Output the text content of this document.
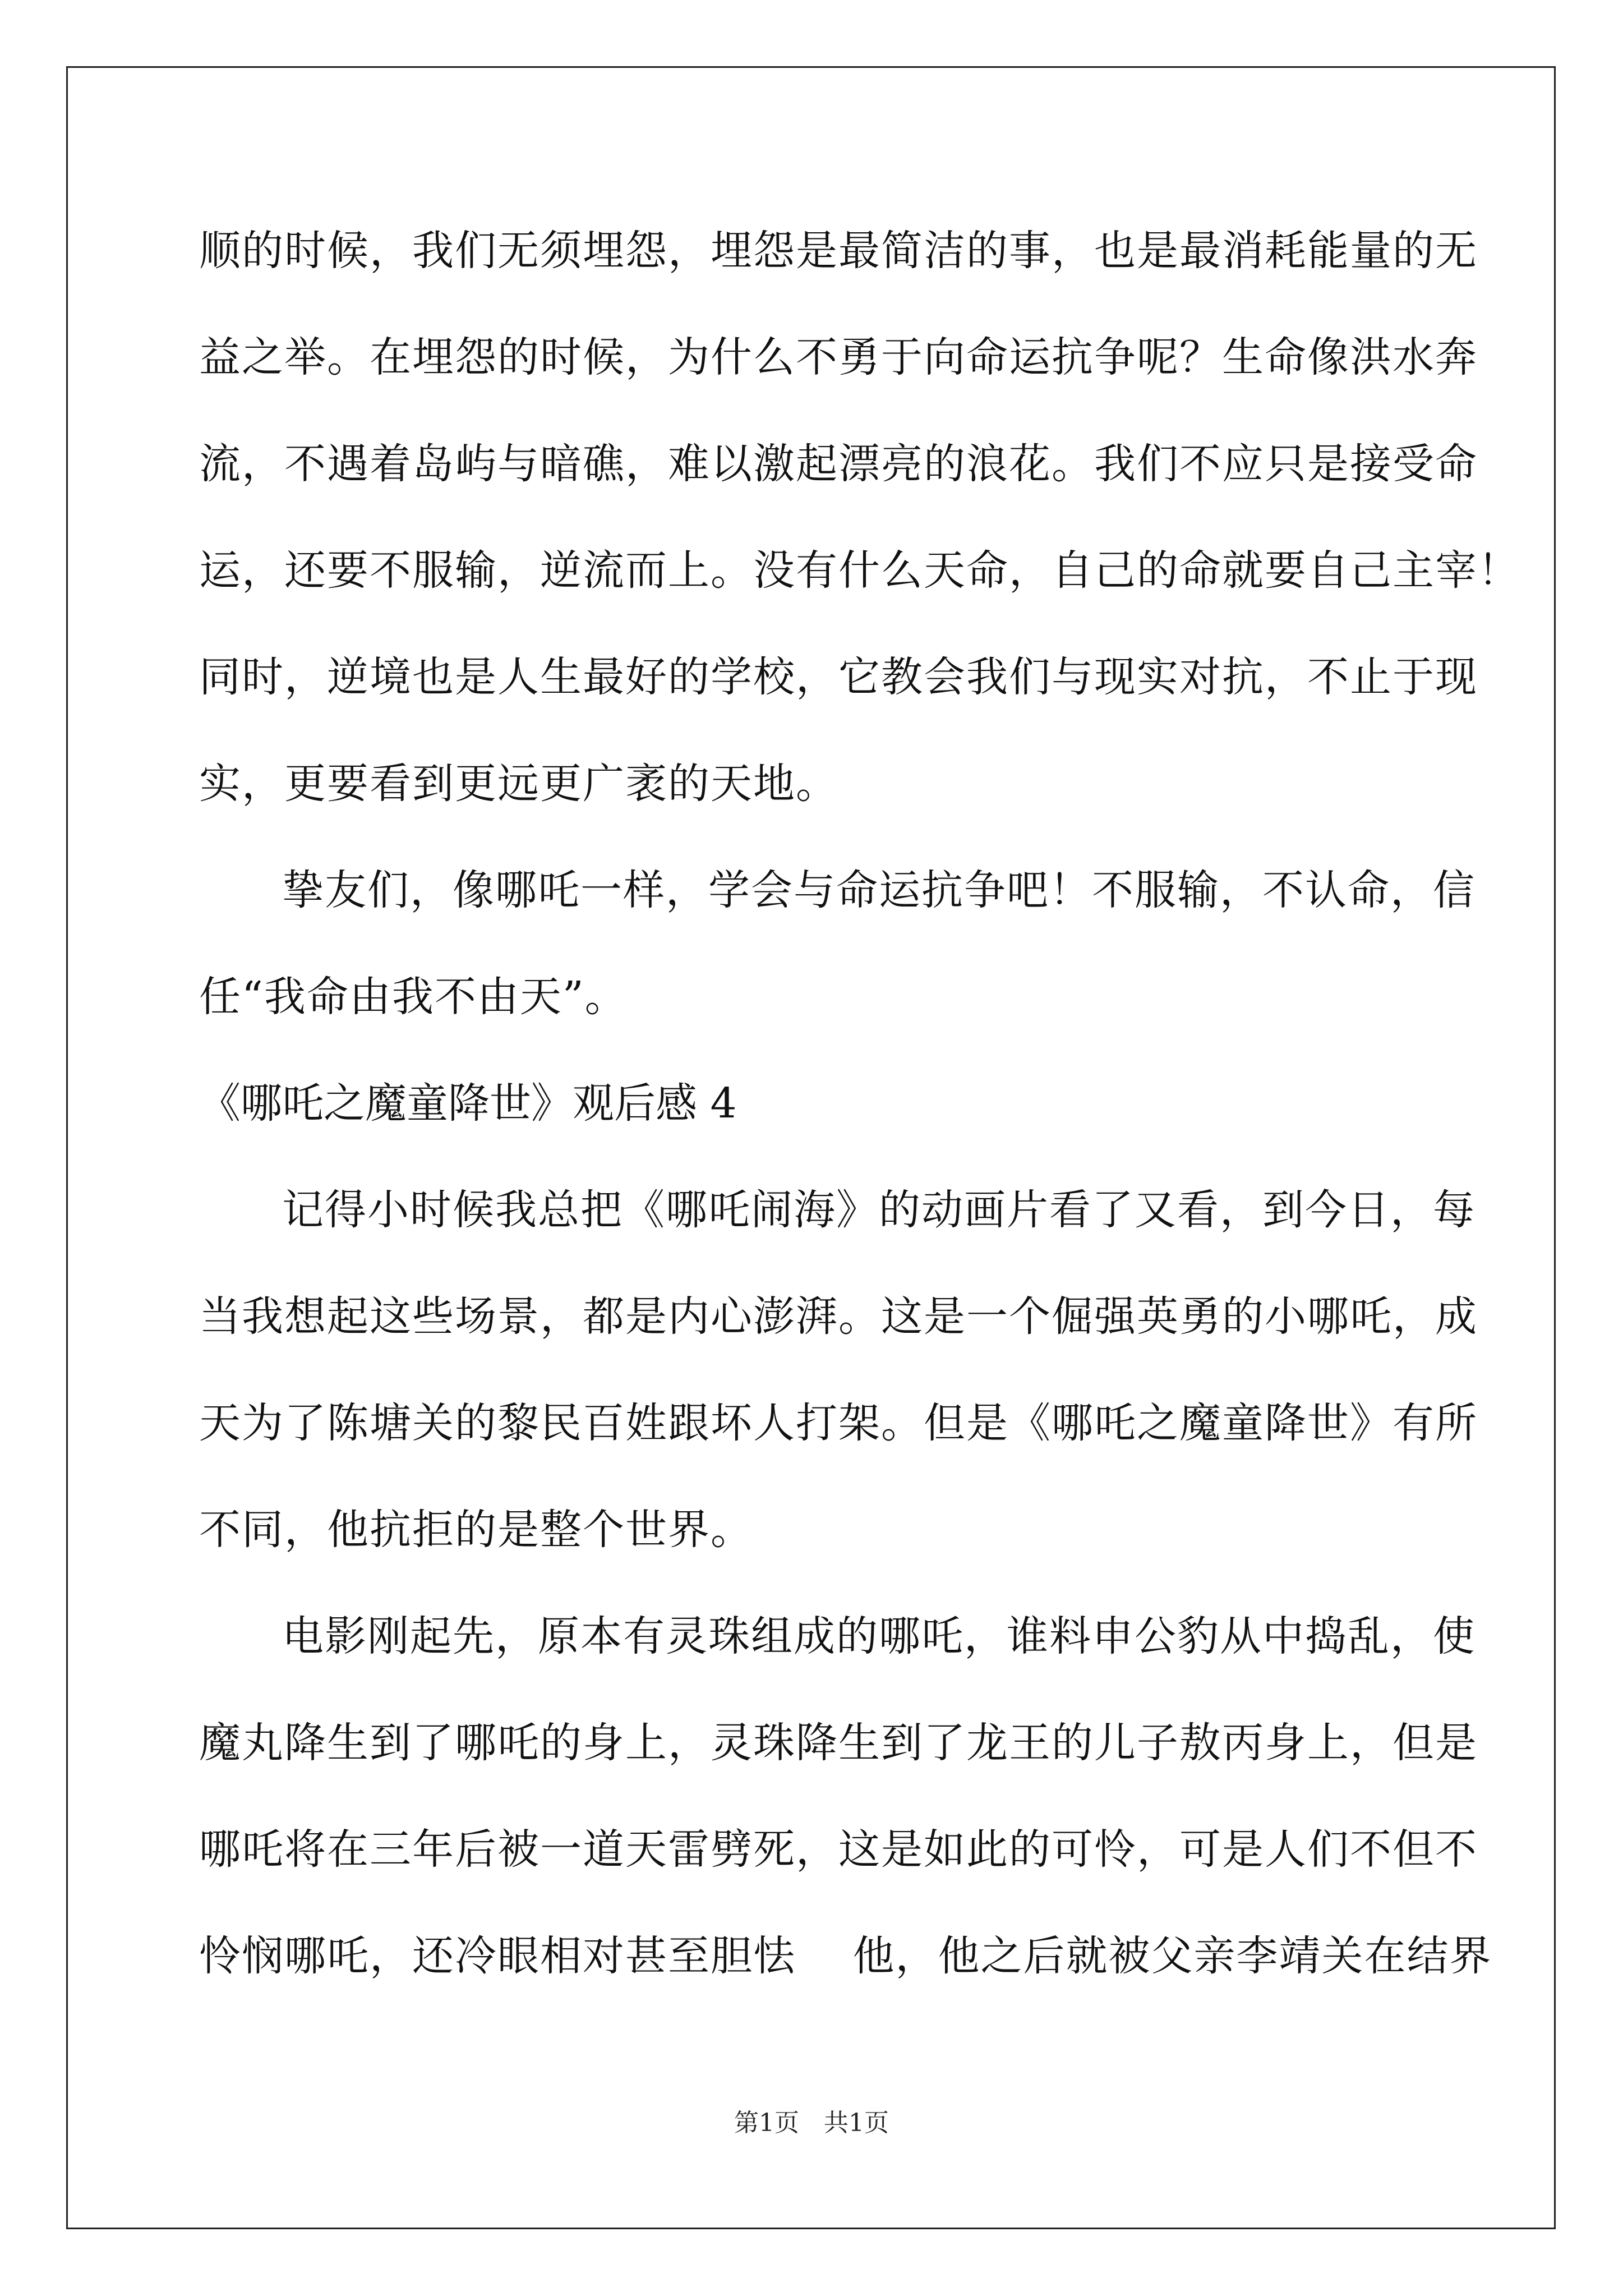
顺的时候，我们无须埋怨，埋怨是最简洁的事，也是最消耗能量的无
益之举。在埋怨的时候，为什么不勇于向命运抗争呢？生命像洪水奔
流，不遇着岛屿与暗礁，难以激起漂亮的浪花。我们不应只是接受命
运，还要不服输，逆流而上。没有什么天命，自己的命就要自己主宰！
同时，逆境也是人生最好的学校，它教会我们与现实对抗，不止于现
实，更要看到更远更广袤的天地。
挚友们，像哪吒一样，学会与命运抗争吧！不服输，不认命，信
任“我命由我不由天”。
《哪吒之魔童降世》观后感 4
记得小时候我总把《哪吒闹海》的动画片看了又看，到今日，每
当我想起这些场景，都是内心澎湃。这是一个倔强英勇的小哪吒，成
天为了陈塘关的黎民百姓跟坏人打架。但是《哪吒之魔童降世》有所
不同，他抗拒的是整个世界。
电影刚起先，原本有灵珠组成的哪吒，谁料申公豹从中捣乱，使
魔丸降生到了哪吒的身上，灵珠降生到了龙王的儿子敖丙身上，但是
哪吒将在三年后被一道天雷劈死，这是如此的可怜，可是人们不但不
怜悯哪吒，还冷眼相对甚至胆怯　 他，他之后就被父亲李靖关在结界
第1页　共1页
